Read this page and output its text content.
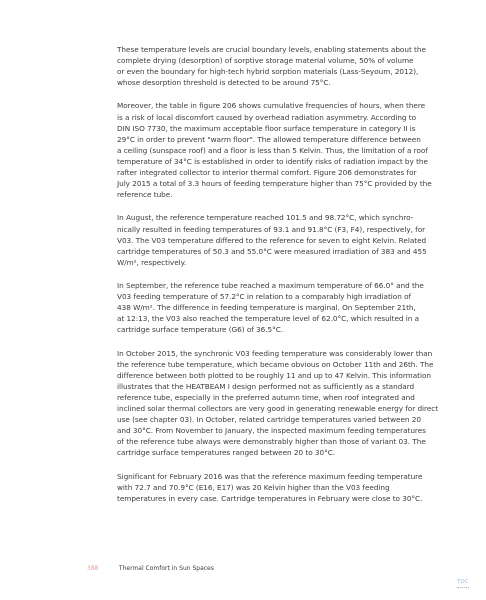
These temperature levels are crucial boundary levels, enabling statements about the
complete drying (desorption) of sorptive storage material volume, 50% of volume
or even the boundary for high-tech hybrid sorption materials (Lass-Seyoum, 2012),
whose desorption threshold is detected to be around 75°C.

Moreover, the table in figure 206 shows cumulative frequencies of hours, when there
is a risk of local discomfort caused by overhead radiation asymmetry. According to
DIN ISO 7730, the maximum acceptable floor surface temperature in category II is
29°C in order to prevent "warm floor". The allowed temperature difference between
a ceiling (sunspace roof) and a floor is less than 5 Kelvin. Thus, the limitation of a roof
temperature of 34°C is established in order to identify risks of radiation impact by the
rafter integrated collector to interior thermal comfort. Figure 206 demonstrates for
July 2015 a total of 3.3 hours of feeding temperature higher than 75°C provided by the
reference tube.

In August, the reference temperature reached 101.5 and 98.72°C, which synchro-
nically resulted in feeding temperatures of 93.1 and 91.8°C (F3, F4), respectively, for
V03. The V03 temperature differed to the reference for seven to eight Kelvin. Related
cartridge temperatures of 50.3 and 55.0°C were measured irradiation of 383 and 455
W/m², respectively.

In September, the reference tube reached a maximum temperature of 66.0° and the
V03 feeding temperature of 57.2°C in relation to a comparably high irradiation of
438 W/m². The difference in feeding temperature is marginal. On September 21th,
at 12:13, the V03 also reached the temperature level of 62.0°C, which resulted in a
cartridge surface temperature (G6) of 36.5°C.

In October 2015, the synchronic V03 feeding temperature was considerably lower than
the reference tube temperature, which became obvious on October 11th and 26th. The
difference between both plotted to be roughly 11 and up to 47 Kelvin. This information
illustrates that the HEATBEAM I design performed not as sufficiently as a standard
reference tube, especially in the preferred autumn time, when roof integrated and
inclined solar thermal collectors are very good in generating renewable energy for direct
use (see chapter 03). In October, related cartridge temperatures varied between 20
and 30°C. From November to January, the inspected maximum feeding temperatures
of the reference tube always were demonstrably higher than those of variant 03. The
cartridge surface temperatures ranged between 20 to 30°C.

Significant for February 2016 was that the reference maximum feeding temperature
with 72.7 and 70.9°C (E16, E17) was 20 Kelvin higher than the V03 feeding
temperatures in every case. Cartridge temperatures in February were close to 30°C.

388	Thermal Comfort in Sun Spaces
TOC
